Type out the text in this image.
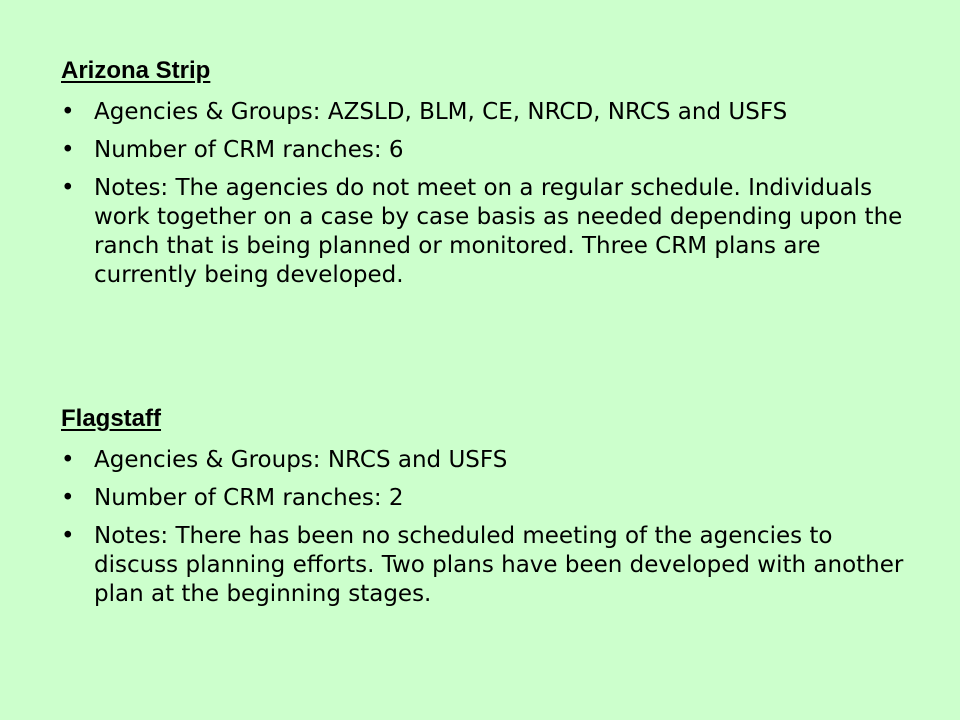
Arizona Strip
• Agencies & Groups: AZSLD, BLM, CE, NRCD, NRCS and USFS
• Number of CRM ranches: 6
• Notes: The agencies do not meet on a regular schedule. Individuals work together on a case by case basis as needed depending upon the ranch that is being planned or monitored. Three CRM plans are currently being developed.
Flagstaff
• Agencies & Groups: NRCS and USFS
• Number of CRM ranches: 2
• Notes: There has been no scheduled meeting of the agencies to discuss planning efforts. Two plans have been developed with another plan at the beginning stages.
